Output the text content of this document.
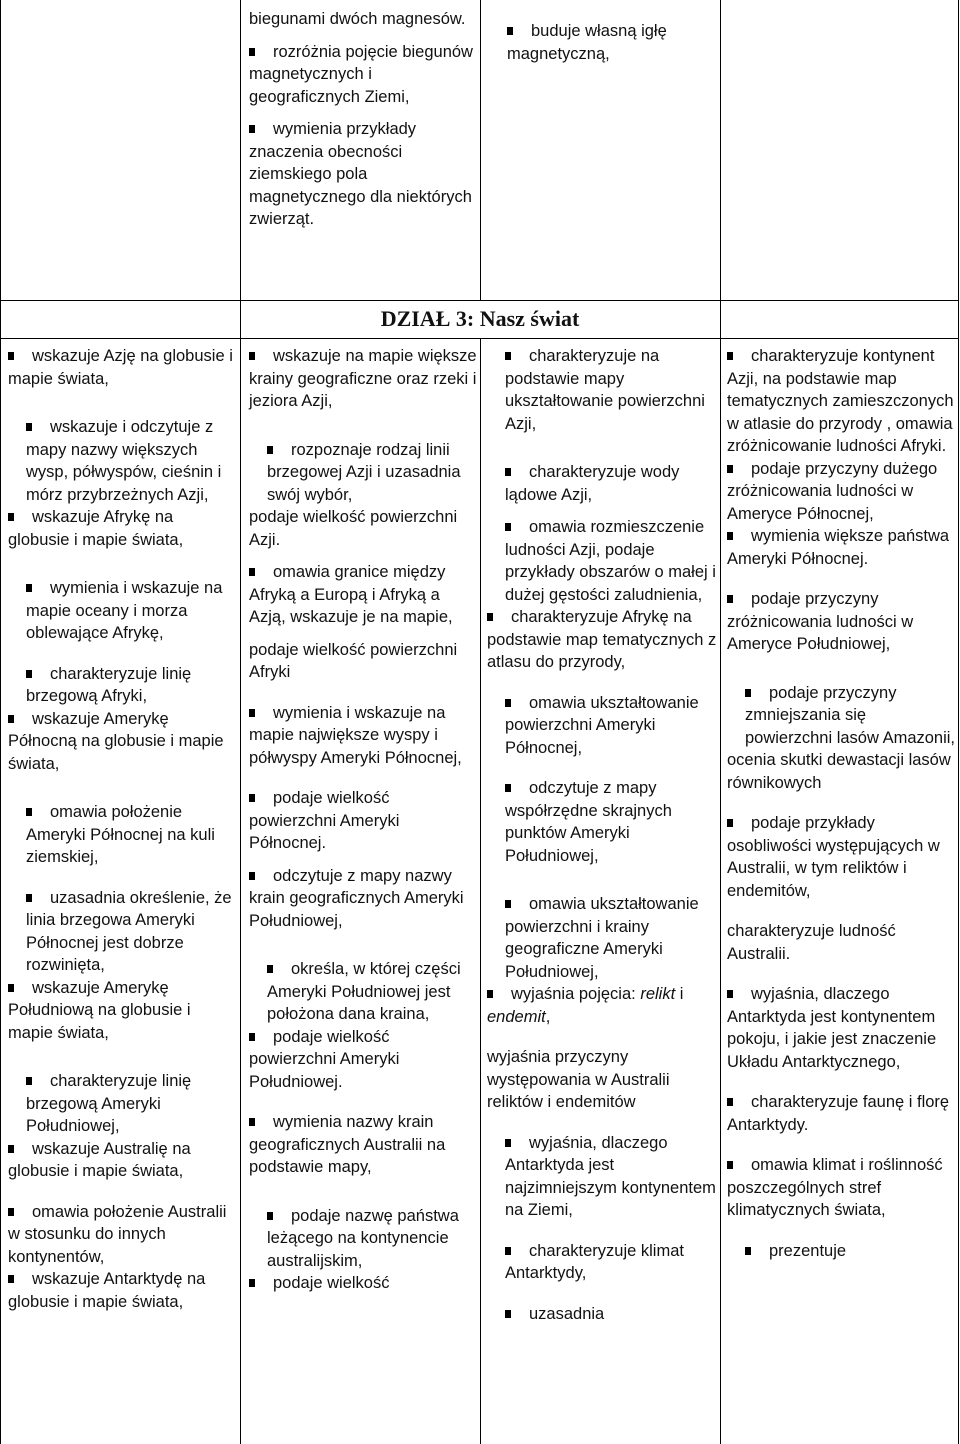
biegunami dwóch magnesów.

rozróżnia pojęcie biegunów magnetycznych i geograficznych Ziemi,

wymienia przykłady znaczenia obecności ziemskiego pola magnetycznego dla niektórych zwierząt.

buduje własną igłę magnetyczną,

DZIAŁ 3: Nasz świat

wskazuje Azję na globusie i mapie świata,

wskazuje i odczytuje z mapy nazwy większych wysp, półwyspów, cieśnin i mórz przybrzeżnych Azji,

wskazuje Afrykę na globusie i mapie świata,

wymienia i wskazuje na mapie oceany i morza oblewające Afrykę,

charakteryzuje linię brzegową Afryki,

wskazuje Amerykę Północną na globusie i mapie świata,

omawia położenie Ameryki Północnej na kuli ziemskiej,

uzasadnia określenie, że linia brzegowa Ameryki Północnej jest dobrze rozwinięta,

wskazuje Amerykę Południową na globusie i mapie świata,

charakteryzuje linię brzegową Ameryki Południowej,

wskazuje Australię na globusie i mapie świata,

omawia położenie Australii w stosunku do innych kontynentów,

wskazuje Antarktydę na globusie i mapie świata,

wskazuje na mapie większe krainy geograficzne oraz rzeki i jeziora Azji,

rozpoznaje rodzaj linii brzegowej Azji i uzasadnia swój wybór,

podaje wielkość powierzchni Azji.

omawia granice między Afryką a Europą i Afryką a Azją, wskazuje je na mapie,

podaje wielkość powierzchni Afryki

wymienia i wskazuje na mapie największe wyspy i półwyspy Ameryki Północnej,

podaje wielkość powierzchni Ameryki Północnej.

odczytuje z mapy nazwy krain geograficznych Ameryki Południowej,

określa, w której części Ameryki Południowej jest położona dana kraina,

podaje wielkość powierzchni Ameryki Południowej.

wymienia nazwy krain geograficznych Australii na podstawie mapy,

podaje nazwę państwa leżącego na kontynencie australijskim,

podaje wielkość

charakteryzuje na podstawie mapy ukształtowanie powierzchni Azji,

charakteryzuje wody lądowe Azji,

omawia rozmieszczenie ludności Azji, podaje przykłady obszarów o małej i dużej gęstości zaludnienia,

charakteryzuje Afrykę na podstawie map tematycznych z atlasu do przyrody,

omawia ukształtowanie powierzchni Ameryki Północnej,

odczytuje z mapy współrzędne skrajnych punktów Ameryki Południowej,

omawia ukształtowanie powierzchni i krainy geograficzne Ameryki Południowej,

wyjaśnia pojęcia: relikt i endemit,

wyjaśnia przyczyny występowania w Australii reliktów i endemitów

wyjaśnia, dlaczego Antarktyda jest najzimniejszym kontynentem na Ziemi,

charakteryzuje klimat Antarktydy,

uzasadnia

charakteryzuje kontynent Azji, na podstawie map tematycznych zamieszczonych w atlasie do przyrody , omawia zróżnicowanie ludności Afryki.

podaje przyczyny dużego zróżnicowania ludności w Ameryce Północnej,

wymienia większe państwa Ameryki Północnej.

podaje przyczyny zróżnicowania ludności w Ameryce Południowej,

podaje przyczyny zmniejszania się powierzchni lasów Amazonii,

ocenia skutki dewastacji lasów równikowych

podaje przykłady osobliwości występujących w Australii, w tym reliktów i endemitów,

charakteryzuje ludność Australii.

wyjaśnia, dlaczego Antarktyda jest kontynentem pokoju, i jakie jest znaczenie Układu Antarktycznego,

charakteryzuje faunę i florę Antarktydy.

omawia klimat i roślinność poszczególnych stref klimatycznych świata,

prezentuje
